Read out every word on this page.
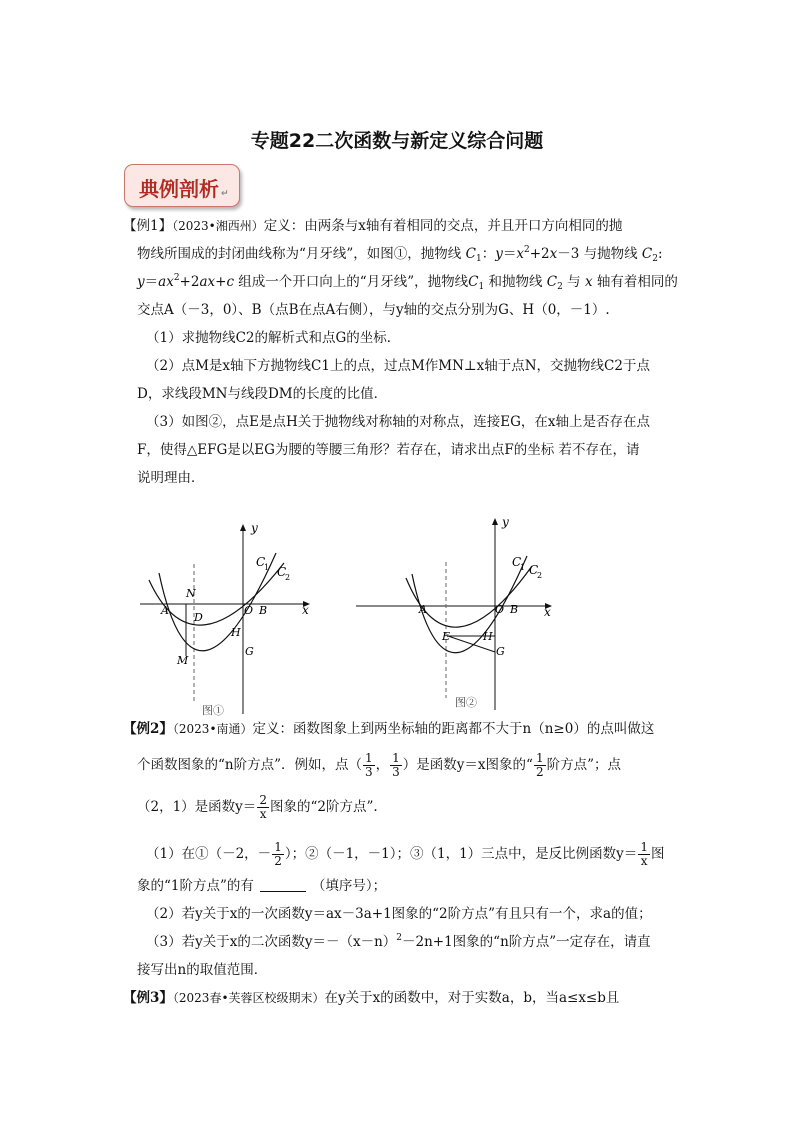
专题22二次函数与新定义综合问题
典例剖析 ↵
【例1】（2023•湘西州）定义：由两条与x轴有着相同的交点，并且开口方向相同的抛
物线所围成的封闭曲线称为“月牙线”，如图①，抛物线 $C_1$：$y=x^2+2x-3$ 与抛物线 $C_2$:
$y=ax^2+2ax+c$ 组成一个开口向上的“月牙线”，抛物线$C_1$ 和抛物线 $C_2$ 与 x 轴有着相同的
交点A（－3，0）、B（点B在点A右侧），与y轴的交点分别为G、H（0，－1）.
（1）求抛物线C2的解析式和点G的坐标．
（2）点M是x轴下方抛物线C1上的点，过点M作MN⊥x轴于点N，交抛物线C2于点
D，求线段MN与线段DM的长度的比值．
（3）如图②，点E是点H关于抛物线对称轴的对称点，连接EG，在x轴上是否存在点
F，使得△EFG是以EG为腰的等腰三角形？若存在，请求出点F的坐标 若不存在，请
说明理由．
y
x
C
1 C
2
N
A
D
O B
H
M
G
图①
y
x
C
1 C
2
A	O B
E	H
G
图②
【例2】（2023•南通）定义：函数图象上到两坐标轴的距离都不大于n（n≥0）的点叫做这
个函数图象的“n阶方点”．例如，点（ $\frac{1}{3}$ ， $\frac{1}{3}$ ）是函数y＝x图象的“ $\frac{1}{2}$ 阶方点”；点
（2，1）是函数$y= \frac{2}{x}$ 图象的“2阶方点”.
（1）在①（－2，－ $\frac{1}{2}$ ）；②（－1，－1）；③（1，1）三点中，是反比例函数$y= \frac{1}{x}$ 图
象的“1阶方点”的有	（填序号）；
（2）若y关于x的一次函数y＝ax－3a+1图象的“2阶方点”有且只有一个，求a的值；
（3）若y关于x的二次函数$y=-(x-n)^2-2n+1$图象的“n阶方点”一定存在，请直
接写出n的取值范围．
【例3】（2023春•芙蓉区校级期末）在y关于x的函数中，对于实数a，b，当a≤x≤b且
